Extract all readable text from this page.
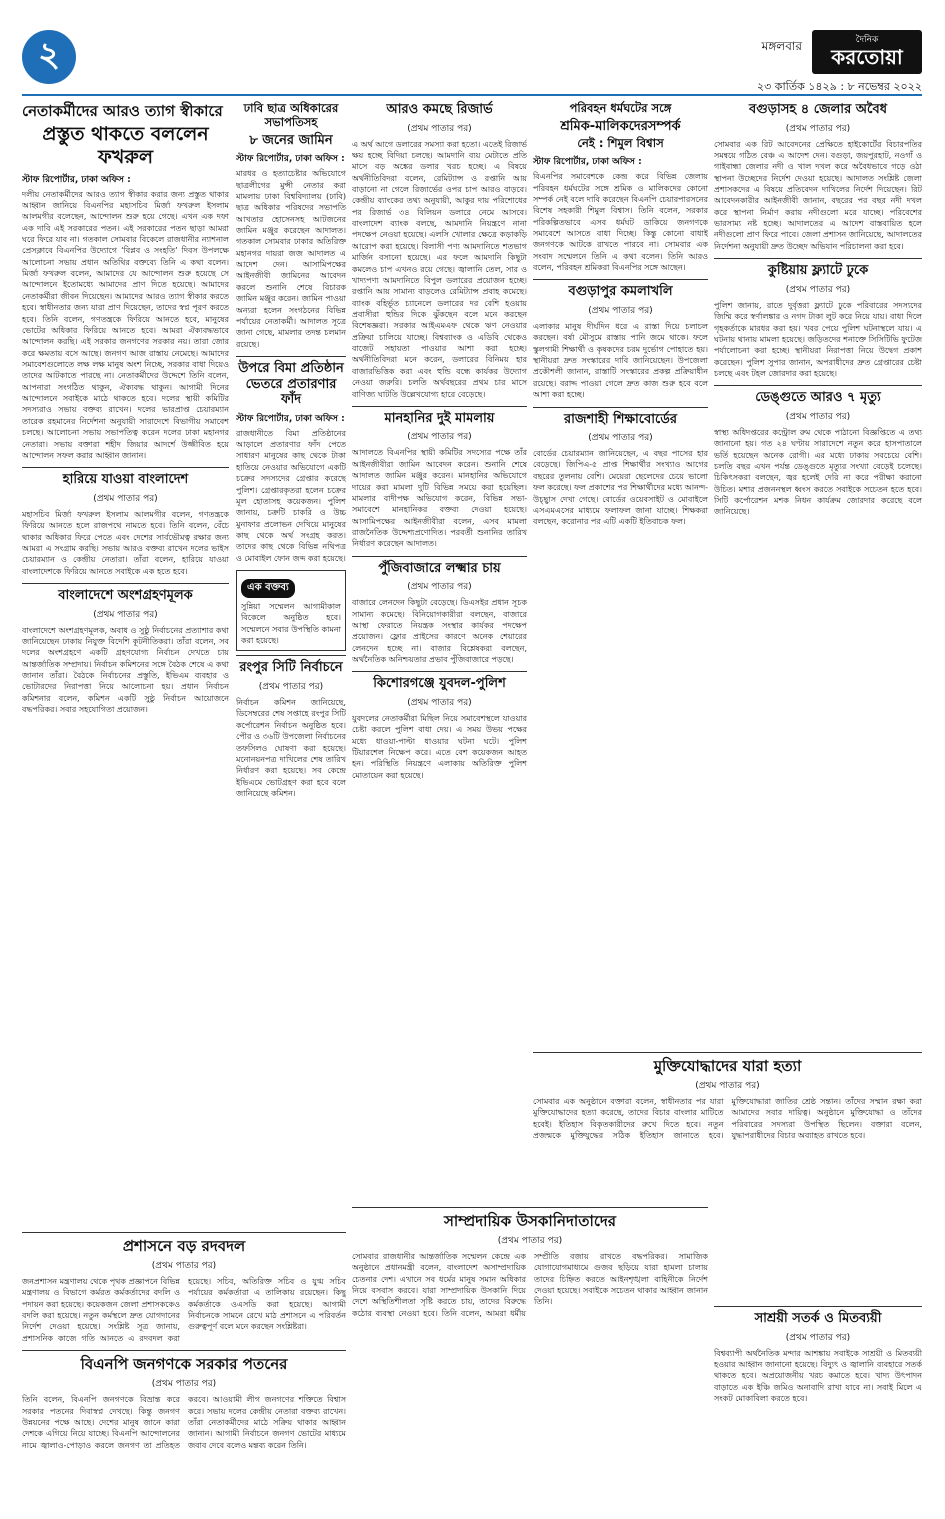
২	মঙ্গলবার	দৈনিক
করতোয়া
২৩ কার্তিক ১৪২৯ : ৮ নভেম্বর ২০২২
নেতাকর্মীদের আরও ত্যাগ স্বীকারে
প্রস্তুত থাকতে বললেন ফখরুল
স্টাফ রিপোর্টার, ঢাকা অফিস :

দলীয় নেতাকর্মীদের আরও ত্যাগ স্বীকার করার জন্য প্রস্তুত থাকার আহ্বান জানিয়ে বিএনপির মহাসচিব মির্জা ফখরুল ইসলাম আলমগীর বলেছেন, আন্দোলন শুরু হয়ে গেছে। এখন এক দফা এক দাবি এই সরকারের পতন। এই সরকারের পতন ছাড়া আমরা ঘরে ফিরে যাব না। গতকাল সোমবার বিকেলে রাজধানীর ন্যাশনাল প্রেসক্লাবে বিএনপির উদ্যোগে ‘বিপ্লব ও সংহতি’ দিবস উপলক্ষে আলোচনা সভায় প্রধান অতিথির বক্তব্যে তিনি এ কথা বলেন। মির্জা ফখরুল বলেন, আমাদের যে আন্দোলন শুরু হয়েছে সে আন্দোলনে ইতোমধ্যে আমাদের প্রাণ দিতে হয়েছে। আমাদের নেতাকর্মীরা জীবন দিয়েছেন। আমাদের আরও ত্যাগ স্বীকার করতে হবে। স্বাধীনতার জন্য যারা প্রাণ দিয়েছেন, তাদের স্বপ্ন পূরণ করতে হবে। তিনি বলেন, গণতন্ত্রকে ফিরিয়ে আনতে হবে, মানুষের ভোটের অধিকার ফিরিয়ে আনতে হবে। আমরা ঐক্যবদ্ধভাবে আন্দোলন করছি। এই সরকার জনগণের সরকার নয়। তারা জোর করে ক্ষমতায় বসে আছে। জনগণ আজ রাস্তায় নেমেছে। আমাদের সমাবেশগুলোতে লক্ষ লক্ষ মানুষ অংশ নিচ্ছে, সরকার বাধা দিয়েও তাদের আটকাতে পারছে না। নেতাকর্মীদের উদ্দেশে তিনি বলেন, আপনারা সংগঠিত থাকুন, ঐক্যবদ্ধ থাকুন। আগামী দিনের আন্দোলনে সবাইকে মাঠে থাকতে হবে। দলের স্থায়ী কমিটির সদস্যরাও সভায় বক্তব্য রাখেন। দলের ভারপ্রাপ্ত চেয়ারম্যান তারেক রহমানের নির্দেশনা অনুযায়ী সারাদেশে বিভাগীয় সমাবেশ চলছে। আলোচনা সভায় সভাপতিত্ব করেন দলের ঢাকা মহানগর নেতারা। সভায় বক্তারা শহীদ জিয়ার আদর্শে উজ্জীবিত হয়ে আন্দোলন সফল করার আহ্বান জানান।

হারিয়ে যাওয়া বাংলাদেশ
(প্রথম পাতার পর)

মহাসচিব মির্জা ফখরুল ইসলাম আলমগীর বলেন, গণতন্ত্রকে ফিরিয়ে আনতে হলে রাজপথে নামতে হবে। তিনি বলেন, বেঁচে থাকার অধিকার ফিরে পেতে এবং দেশের সার্বভৌমত্ব রক্ষার জন্য আমরা এ সংগ্রাম করছি। সভায় আরও বক্তব্য রাখেন দলের ভাইস চেয়ারম্যান ও কেন্দ্রীয় নেতারা। তাঁরা বলেন, হারিয়ে যাওয়া বাংলাদেশকে ফিরিয়ে আনতে সবাইকে এক হতে হবে।

বাংলাদেশে অংশগ্রহণমূলক
(প্রথম পাতার পর)

বাংলাদেশে অংশগ্রহণমূলক, অবাধ ও সুষ্ঠু নির্বাচনের প্রত্যাশার কথা জানিয়েছেন ঢাকায় নিযুক্ত বিদেশি কূটনীতিকরা। তাঁরা বলেন, সব দলের অংশগ্রহণে একটি গ্রহণযোগ্য নির্বাচন দেখতে চায় আন্তর্জাতিক সম্প্রদায়। নির্বাচন কমিশনের সঙ্গে বৈঠক শেষে এ কথা জানান তাঁরা। বৈঠকে নির্বাচনের প্রস্তুতি, ইভিএম ব্যবহার ও ভোটারদের নিরাপত্তা নিয়ে আলোচনা হয়। প্রধান নির্বাচন কমিশনার বলেন, কমিশন একটি সুষ্ঠু নির্বাচন আয়োজনে বদ্ধপরিকর। সবার সহযোগিতা প্রয়োজন।

ঢাবি ছাত্র অধিকারের সভাপতিসহ
৮ জনের জামিন
স্টাফ রিপোর্টার, ঢাকা অফিস :

মারধর ও হত্যাচেষ্টার অভিযোগে ছাত্রলীগের মুন্সী নেতার করা মামলায় ঢাকা বিশ্ববিদ্যালয় (ঢাবি) ছাত্র অধিকার পরিষদের সভাপতি আখতার হোসেনসহ আটজনের জামিন মঞ্জুর করেছেন আদালত। গতকাল সোমবার ঢাকার অতিরিক্ত মহানগর দায়রা জজ আদালত এ আদেশ দেন। আসামিপক্ষের আইনজীবী জামিনের আবেদন করলে শুনানি শেষে বিচারক জামিন মঞ্জুর করেন। জামিন পাওয়া অন্যরা হলেন সংগঠনের বিভিন্ন পর্যায়ের নেতাকর্মী। আদালত সূত্রে জানা গেছে, মামলার তদন্ত চলমান রয়েছে।

উপরে বিমা প্রতিষ্ঠান ভেতরে প্রতারণার ফাঁদ
স্টাফ রিপোর্টার, ঢাকা অফিস :

রাজধানীতে বিমা প্রতিষ্ঠানের আড়ালে প্রতারণার ফাঁদ পেতে সাধারণ মানুষের কাছ থেকে টাকা হাতিয়ে নেওয়ার অভিযোগে একটি চক্রের সদস্যদের গ্রেপ্তার করেছে পুলিশ। গ্রেপ্তারকৃতরা হলেন চক্রের মূল হোতাসহ কয়েকজন। পুলিশ জানায়, চক্রটি চাকরি ও উচ্চ মুনাফার প্রলোভন দেখিয়ে মানুষের কাছ থেকে অর্থ সংগ্রহ করত। তাদের কাছ থেকে বিভিন্ন নথিপত্র ও মোবাইল ফোন জব্দ করা হয়েছে।

এক বক্তব্য

সুন্নিয়া সম্মেলন আগামীকাল বিকেলে অনুষ্ঠিত হবে। সম্মেলনে সবার উপস্থিতি কামনা করা হয়েছে।

রংপুর সিটি নির্বাচনে
(প্রথম পাতার পর)

নির্বাচন কমিশন জানিয়েছে, ডিসেম্বরের শেষ সপ্তাহে রংপুর সিটি কর্পোরেশন নির্বাচন অনুষ্ঠিত হবে। পৌর ও ৩৬টি উপজেলা নির্বাচনের তফসিলও ঘোষণা করা হয়েছে। মনোনয়নপত্র দাখিলের শেষ তারিখ নির্ধারণ করা হয়েছে। সব কেন্দ্রে ইভিএমে ভোটগ্রহণ করা হবে বলে জানিয়েছে কমিশন।

আরও কমছে রিজার্ভ
(প্রথম পাতার পর)

এ অর্থ আগে ডলারের সমস্যা করা হতো। এতেই রিজার্ভ ক্ষয় হচ্ছে বিদিয়া চলছে। আমদানি ব্যয় মেটাতে প্রতি মাসে বড় অঙ্কের ডলার খরচ হচ্ছে। এ বিষয়ে অর্থনীতিবিদরা বলেন, রেমিট্যান্স ও রপ্তানি আয় বাড়ানো না গেলে রিজার্ভের ওপর চাপ আরও বাড়বে। কেন্দ্রীয় ব্যাংকের তথ্য অনুযায়ী, আকুর দায় পরিশোধের পর রিজার্ভ ৩৪ বিলিয়ন ডলারে নেমে আসবে। বাংলাদেশ ব্যাংক বলছে, আমদানি নিয়ন্ত্রণে নানা পদক্ষেপ নেওয়া হয়েছে। এলসি খোলার ক্ষেত্রে কড়াকড়ি আরোপ করা হয়েছে। বিলাসী পণ্য আমদানিতে শতভাগ মার্জিন বসানো হয়েছে। এর ফলে আমদানি কিছুটা কমলেও চাপ এখনও রয়ে গেছে। জ্বালানি তেল, সার ও খাদ্যপণ্য আমদানিতে বিপুল ডলারের প্রয়োজন হচ্ছে। রপ্তানি আয় সামান্য বাড়লেও রেমিট্যান্স প্রবাহ কমেছে। ব্যাংক বহির্ভূত চ্যানেলে ডলারের দর বেশি হওয়ায় প্রবাসীরা হুন্ডির দিকে ঝুঁকছেন বলে মনে করছেন বিশেষজ্ঞরা। সরকার আইএমএফ থেকে ঋণ নেওয়ার প্রক্রিয়া চালিয়ে যাচ্ছে। বিশ্বব্যাংক ও এডিবি থেকেও বাজেট সহায়তা পাওয়ার আশা করা হচ্ছে। অর্থনীতিবিদরা মনে করেন, ডলারের বিনিময় হার বাজারভিত্তিক করা এবং হুন্ডি বন্ধে কার্যকর উদ্যোগ নেওয়া জরুরি। চলতি অর্থবছরের প্রথম চার মাসে বাণিজ্য ঘাটতি উল্লেখযোগ্য হারে বেড়েছে।

মানহানির দুই মামলায়
(প্রথম পাতার পর)

আদালতে বিএনপির স্থায়ী কমিটির সদস্যের পক্ষে তাঁর আইনজীবীরা জামিন আবেদন করেন। শুনানি শেষে আদালত জামিন মঞ্জুর করেন। মানহানির অভিযোগে দায়ের করা মামলা দুটি বিভিন্ন সময়ে করা হয়েছিল। মামলার বাদীপক্ষ অভিযোগ করেন, বিভিন্ন সভা-সমাবেশে মানহানিকর বক্তব্য দেওয়া হয়েছে। আসামিপক্ষের আইনজীবীরা বলেন, এসব মামলা রাজনৈতিক উদ্দেশ্যপ্রণোদিত। পরবর্তী শুনানির তারিখ নির্ধারণ করেছেন আদালত।

পুঁজিবাজারে লক্ষ্মার চায়
(প্রথম পাতার পর)

বাজারে লেনদেন কিছুটা বেড়েছে। ডিএসইর প্রধান সূচক সামান্য কমেছে। বিনিয়োগকারীরা বলছেন, বাজারে আস্থা ফেরাতে নিয়ন্ত্রক সংস্থার কার্যকর পদক্ষেপ প্রয়োজন। ফ্লোর প্রাইসের কারণে অনেক শেয়ারের লেনদেন হচ্ছে না। বাজার বিশ্লেষকরা বলছেন, অর্থনৈতিক অনিশ্চয়তার প্রভাব পুঁজিবাজারে পড়ছে।

কিশোরগঞ্জে যুবদল-পুলিশ
(প্রথম পাতার পর)

যুবদলের নেতাকর্মীরা মিছিল নিয়ে সমাবেশস্থলে যাওয়ার চেষ্টা করলে পুলিশ বাধা দেয়। এ সময় উভয় পক্ষের মধ্যে ধাওয়া-পাল্টা ধাওয়ার ঘটনা ঘটে। পুলিশ টিয়ারশেল নিক্ষেপ করে। এতে বেশ কয়েকজন আহত হন। পরিস্থিতি নিয়ন্ত্রণে এলাকায় অতিরিক্ত পুলিশ মোতায়েন করা হয়েছে।

পরিবহন ধর্মঘটের সঙ্গে
শ্রমিক-মালিকদেরসম্পর্ক
নেই : শিমুল বিশ্বাস
স্টাফ রিপোর্টার, ঢাকা অফিস :

বিএনপির সমাবেশকে কেন্দ্র করে বিভিন্ন জেলায় পরিবহন ধর্মঘটের সঙ্গে শ্রমিক ও মালিকদের কোনো সম্পর্ক নেই বলে দাবি করেছেন বিএনপি চেয়ারপারসনের বিশেষ সহকারী শিমুল বিশ্বাস। তিনি বলেন, সরকার পরিকল্পিতভাবে এসব ধর্মঘট ডাকিয়ে জনগণকে সমাবেশে আসতে বাধা দিচ্ছে। কিন্তু কোনো বাধাই জনগণকে আটকে রাখতে পারবে না। সোমবার এক সংবাদ সম্মেলনে তিনি এ কথা বলেন। তিনি আরও বলেন, পরিবহন শ্রমিকরা বিএনপির সঙ্গে আছেন।

বগুড়াপুর কমলাখলি
(প্রথম পাতার পর)

এলাকার মানুষ দীর্ঘদিন ধরে এ রাস্তা দিয়ে চলাচল করছেন। বর্ষা মৌসুমে রাস্তায় পানি জমে থাকে। ফলে স্কুলগামী শিক্ষার্থী ও কৃষকদের চরম দুর্ভোগ পোহাতে হয়। স্থানীয়রা দ্রুত সংস্কারের দাবি জানিয়েছেন। উপজেলা প্রকৌশলী জানান, রাস্তাটি সংস্কারের প্রকল্প প্রক্রিয়াধীন রয়েছে। বরাদ্দ পাওয়া গেলে দ্রুত কাজ শুরু হবে বলে আশা করা হচ্ছে।

রাজশাহী শিক্ষাবোর্ডের
(প্রথম পাতার পর)

বোর্ডের চেয়ারম্যান জানিয়েছেন, এ বছর পাসের হার বেড়েছে। জিপিএ-৫ প্রাপ্ত শিক্ষার্থীর সংখ্যাও আগের বছরের তুলনায় বেশি। মেয়েরা ছেলেদের চেয়ে ভালো ফল করেছে। ফল প্রকাশের পর শিক্ষার্থীদের মধ্যে আনন্দ-উচ্ছ্বাস দেখা গেছে। বোর্ডের ওয়েবসাইট ও মোবাইলে এসএমএসের মাধ্যমে ফলাফল জানা যাচ্ছে। শিক্ষকরা বলছেন, করোনার পর এটি একটি ইতিবাচক ফল।

বগুড়াসহ ৪ জেলার অবৈধ
(প্রথম পাতার পর)

সোমবার এক রিট আবেদনের প্রেক্ষিতে হাইকোর্টের বিচারপতির সমন্বয়ে গঠিত বেঞ্চ এ আদেশ দেন। বগুড়া, জয়পুরহাট, নওগাঁ ও গাইবান্ধা জেলার নদী ও খাল দখল করে অবৈধভাবে গড়ে ওঠা স্থাপনা উচ্ছেদের নির্দেশ দেওয়া হয়েছে। আদালত সংশ্লিষ্ট জেলা প্রশাসকদের এ বিষয়ে প্রতিবেদন দাখিলের নির্দেশ দিয়েছেন। রিট আবেদনকারীর আইনজীবী জানান, বছরের পর বছর নদী দখল করে স্থাপনা নির্মাণ করায় নদীগুলো মরে যাচ্ছে। পরিবেশের ভারসাম্য নষ্ট হচ্ছে। আদালতের এ আদেশ বাস্তবায়িত হলে নদীগুলো প্রাণ ফিরে পাবে। জেলা প্রশাসন জানিয়েছে, আদালতের নির্দেশনা অনুযায়ী দ্রুত উচ্ছেদ অভিযান পরিচালনা করা হবে।

কুষ্টিয়ায় ফ্ল্যাটে ঢুকে
(প্রথম পাতার পর)

পুলিশ জানায়, রাতে দুর্বৃত্তরা ফ্ল্যাটে ঢুকে পরিবারের সদস্যদের জিম্মি করে স্বর্ণালঙ্কার ও নগদ টাকা লুট করে নিয়ে যায়। বাধা দিলে গৃহকর্তাকে মারধর করা হয়। খবর পেয়ে পুলিশ ঘটনাস্থলে যায়। এ ঘটনায় থানায় মামলা হয়েছে। জড়িতদের শনাক্তে সিসিটিভি ফুটেজ পর্যালোচনা করা হচ্ছে। স্থানীয়রা নিরাপত্তা নিয়ে উদ্বেগ প্রকাশ করেছেন। পুলিশ সুপার জানান, অপরাধীদের দ্রুত গ্রেপ্তারের চেষ্টা চলছে এবং টহল জোরদার করা হয়েছে।

ডেঙ্গুতে আরও ৭ মৃত্যু
(প্রথম পাতার পর)

স্বাস্থ্য অধিদপ্তরের কন্ট্রোল রুম থেকে পাঠানো বিজ্ঞপ্তিতে এ তথ্য জানানো হয়। গত ২৪ ঘণ্টায় সারাদেশে নতুন করে হাসপাতালে ভর্তি হয়েছেন অনেক রোগী। এর মধ্যে ঢাকায় সবচেয়ে বেশি। চলতি বছর এখন পর্যন্ত ডেঙ্গুতে মৃত্যুর সংখ্যা বেড়েই চলেছে। চিকিৎসকরা বলছেন, জ্বর হলেই দেরি না করে পরীক্ষা করানো উচিত। মশার প্রজননস্থল ধ্বংস করতে সবাইকে সচেতন হতে হবে। সিটি কর্পোরেশন মশক নিধন কার্যক্রম জোরদার করেছে বলে জানিয়েছে।

প্রশাসনে বড় রদবদল
(প্রথম পাতার পর)

জনপ্রশাসন মন্ত্রণালয় থেকে পৃথক প্রজ্ঞাপনে বিভিন্ন মন্ত্রণালয় ও বিভাগে কর্মরত কর্মকর্তাদের বদলি ও পদায়ন করা হয়েছে। কয়েকজন জেলা প্রশাসককেও বদলি করা হয়েছে। নতুন কর্মস্থলে দ্রুত যোগদানের নির্দেশ দেওয়া হয়েছে। সংশ্লিষ্ট সূত্র জানায়, প্রশাসনিক কাজে গতি আনতে এ রদবদল করা হয়েছে। সচিব, অতিরিক্ত সচিব ও যুগ্ম সচিব পর্যায়ের কর্মকর্তারা এ তালিকায় রয়েছেন। কিছু কর্মকর্তাকে ওএসডি করা হয়েছে। আগামী নির্বাচনকে সামনে রেখে মাঠ প্রশাসনে এ পরিবর্তন গুরুত্বপূর্ণ বলে মনে করছেন সংশ্লিষ্টরা।

বিএনপি জনগণকে সরকার পতনের
(প্রথম পাতার পর)

তিনি বলেন, বিএনপি জনগণকে বিভ্রান্ত করে সরকার পতনের দিবাস্বপ্ন দেখছে। কিন্তু জনগণ উন্নয়নের পক্ষে আছে। দেশের মানুষ জানে কারা দেশকে এগিয়ে নিয়ে যাচ্ছে। বিএনপি আন্দোলনের নামে জ্বালাও-পোড়াও করলে জনগণ তা প্রতিহত করবে। আওয়ামী লীগ জনগণের শক্তিতে বিশ্বাস করে। সভায় দলের কেন্দ্রীয় নেতারা বক্তব্য রাখেন। তাঁরা নেতাকর্মীদের মাঠে সক্রিয় থাকার আহ্বান জানান। আগামী নির্বাচনে জনগণ ভোটের মাধ্যমে জবাব দেবে বলেও মন্তব্য করেন তিনি।

সাম্প্রদায়িক উসকানিদাতাদের
(প্রথম পাতার পর)

সোমবার রাজধানীর আন্তর্জাতিক সম্মেলন কেন্দ্রে এক অনুষ্ঠানে প্রধানমন্ত্রী বলেন, বাংলাদেশ অসাম্প্রদায়িক চেতনার দেশ। এখানে সব ধর্মের মানুষ সমান অধিকার নিয়ে বসবাস করবে। যারা সাম্প্রদায়িক উসকানি দিয়ে দেশে অস্থিতিশীলতা সৃষ্টি করতে চায়, তাদের বিরুদ্ধে কঠোর ব্যবস্থা নেওয়া হবে। তিনি বলেন, আমরা ধর্মীয় সম্প্রীতি বজায় রাখতে বদ্ধপরিকর। সামাজিক যোগাযোগমাধ্যমে গুজব ছড়িয়ে যারা হামলা চালায় তাদের চিহ্নিত করতে আইনশৃঙ্খলা বাহিনীকে নির্দেশ দেওয়া হয়েছে। সবাইকে সচেতন থাকার আহ্বান জানান তিনি।

মুক্তিযোদ্ধাদের যারা হত্যা
(প্রথম পাতার পর)

সোমবার এক অনুষ্ঠানে বক্তারা বলেন, স্বাধীনতার পর যারা মুক্তিযোদ্ধাদের হত্যা করেছে, তাদের বিচার বাংলার মাটিতে হবেই। ইতিহাস বিকৃতকারীদের রুখে দিতে হবে। নতুন প্রজন্মকে মুক্তিযুদ্ধের সঠিক ইতিহাস জানাতে হবে। মুক্তিযোদ্ধারা জাতির শ্রেষ্ঠ সন্তান। তাঁদের সম্মান রক্ষা করা আমাদের সবার দায়িত্ব। অনুষ্ঠানে মুক্তিযোদ্ধা ও তাঁদের পরিবারের সদস্যরা উপস্থিত ছিলেন। বক্তারা বলেন, যুদ্ধাপরাধীদের বিচার অব্যাহত রাখতে হবে।

সাশ্রয়ী সতর্ক ও মিতব্যয়ী
(প্রথম পাতার পর)

বিশ্বব্যাপী অর্থনৈতিক মন্দার আশঙ্কায় সবাইকে সাশ্রয়ী ও মিতব্যয়ী হওয়ার আহ্বান জানানো হয়েছে। বিদ্যুৎ ও জ্বালানি ব্যবহারে সতর্ক থাকতে হবে। অপ্রয়োজনীয় খরচ কমাতে হবে। খাদ্য উৎপাদন বাড়াতে এক ইঞ্চি জমিও অনাবাদি রাখা যাবে না। সবাই মিলে এ সংকট মোকাবিলা করতে হবে।
